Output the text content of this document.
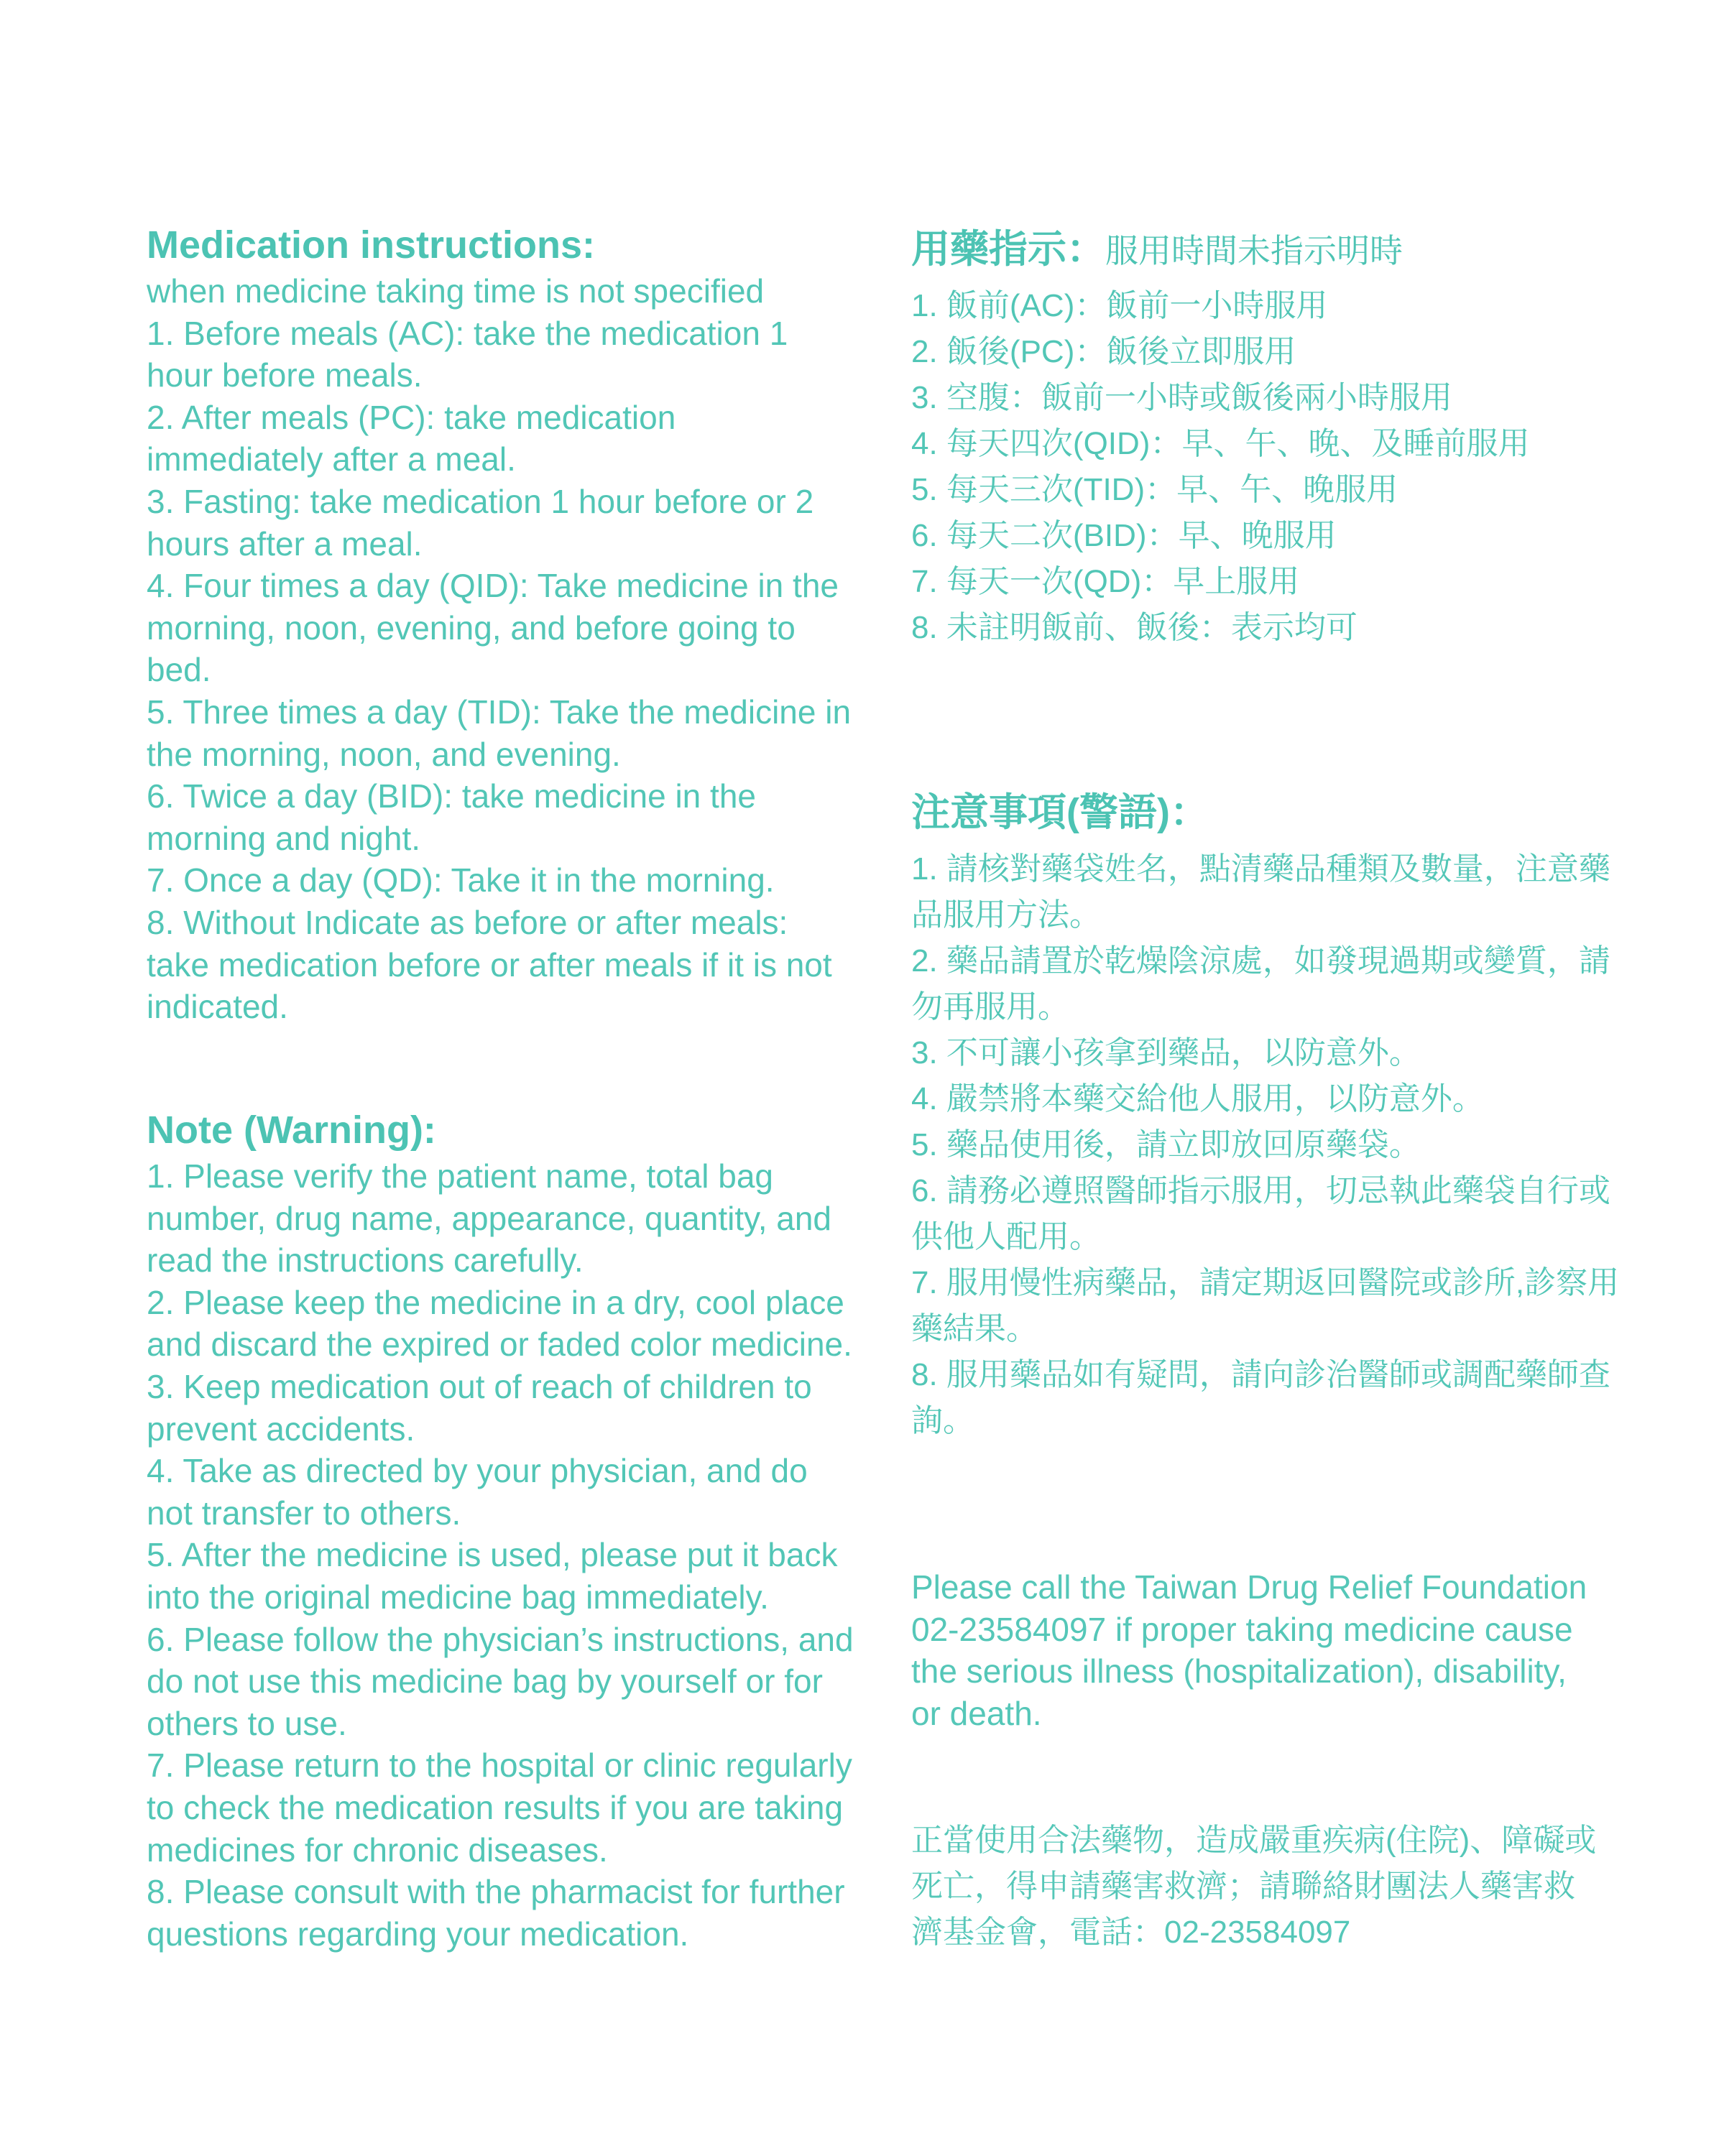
Medication instructions:

when medicine taking time is not specified

1. Before meals (AC): take the medication 1 hour before meals.
2. After meals (PC): take medication immediately after a meal.
3. Fasting: take medication 1 hour before or 2 hours after a meal.
4. Four times a day (QID): Take medicine in the morning, noon, evening, and before going to bed.
5. Three times a day (TID): Take the medicine in the morning, noon, and evening.
6. Twice a day (BID): take medicine in the morning and night.
7. Once a day (QD): Take it in the morning.
8. Without Indicate as before or after meals: take medication before or after meals if it is not indicated.
Note (Warning):
1. Please verify the patient name, total bag number, drug name, appearance, quantity, and read the instructions carefully.
2. Please keep the medicine in a dry, cool place and discard the expired or faded color medicine.
3. Keep medication out of reach of children to prevent accidents.
4. Take as directed by your physician, and do not transfer to others.
5. After the medicine is used, please put it back into the original medicine bag immediately.
6. Please follow the physician’s instructions, and do not use this medicine bag by yourself or for others to use.
7. Please return to the hospital or clinic regularly to check the medication results if you are taking medicines for chronic diseases.
8. Please consult with the pharmacist for further questions regarding your medication.

用藥指示：服用時間未指示明時

1. 飯前(AC)：飯前一小時服用
2. 飯後(PC)：飯後立即服用
3. 空腹：飯前一小時或飯後兩小時服用
4. 每天四次(QID)：早、午、晚、及睡前服用
5. 每天三次(TID)：早、午、晚服用
6. 每天二次(BID)：早、晚服用
7. 每天一次(QD)：早上服用
8. 未註明飯前、飯後：表示均可

注意事項(警語)：

1. 請核對藥袋姓名，點清藥品種類及數量，注意藥品服用方法。
2. 藥品請置於乾燥陰涼處，如發現過期或變質，請勿再服用。
3. 不可讓小孩拿到藥品，以防意外。
4. 嚴禁將本藥交給他人服用，以防意外。
5. 藥品使用後，請立即放回原藥袋。
6. 請務必遵照醫師指示服用，切忌執此藥袋自行或供他人配用。
7. 服用慢性病藥品，請定期返回醫院或診所,診察用藥結果。
8. 服用藥品如有疑問，請向診治醫師或調配藥師查詢。

Please call the Taiwan Drug Relief Foundation 02-23584097 if proper taking medicine cause the serious illness (hospitalization), disability, or death.

正當使用合法藥物，造成嚴重疾病(住院)、障礙或死亡，得申請藥害救濟；請聯絡財團法人藥害救濟基金會，電話：02-23584097
